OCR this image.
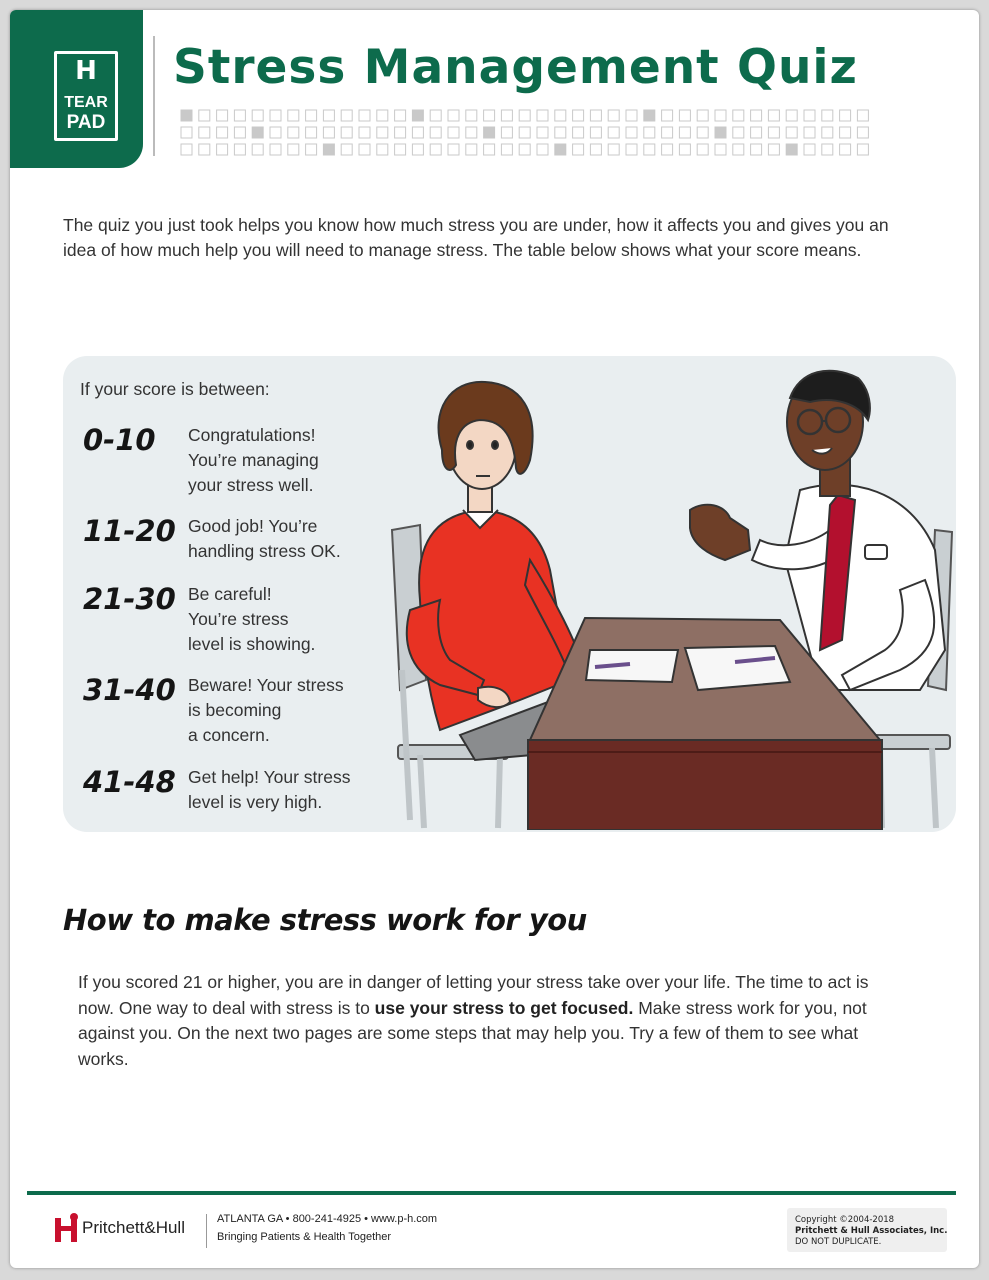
H
TEAR
PAD
Stress Management Quiz

The quiz you just took helps you know how much stress you are under, how it affects you and gives you an idea of how much help you will need to manage stress. The table below shows what your score means.

If your score is between:
0-10 Congratulations!
You’re managing
your stress well.
11-20 Good job! You’re
handling stress OK.
21-30 Be careful!
You’re stress
level is showing.
31-40 Beware! Your stress
is becoming
a concern.
41-48 Get help! Your stress
level is very high.
How to make stress work for you

If you scored 21 or higher, you are in danger of letting your stress take over your life. The time to act is now. One way to deal with stress is to use your stress to get focused. Make stress work for you, not against you. On the next two pages are some steps that may help you. Try a few of them to see what works.

Pritchett&Hull	ATLANTA GA • 800-241-4925 • www.p-h.com
Bringing Patients & Health Together
Copyright ©2004-2018
Pritchett & Hull Associates, Inc.
DO NOT DUPLICATE.
